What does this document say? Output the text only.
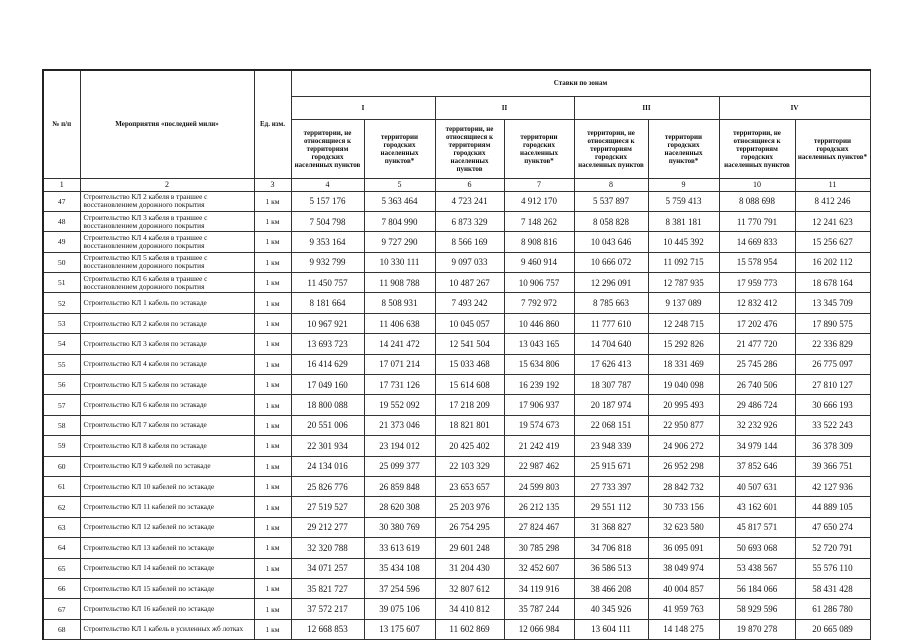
№ п/п	Мероприятия «последней мили»	Ед. изм.	Ставки по зонам							
			I		II		III		IV	
			территории, не относящиеся к территориям городских населенных пунктов	территории городских населенных пунктов*	территории, не относящиеся к территориям городских населенных пунктов	территории городских населенных пунктов*	территории, не относящиеся к территориям городских населенных пунктов	территории городских населенных пунктов*	территории, не относящиеся к территориям городских населенных пунктов	территории городских населенных пунктов*
1	2	3	4	5	6	7	8	9	10	11
47	Строительство КЛ 2 кабеля в траншее с восстановлением дорожного покрытия	1 км	5 157 176	5 363 464	4 723 241	4 912 170	5 537 897	5 759 413	8 088 698	8 412 246
48	Строительство КЛ 3 кабеля в траншее с восстановлением дорожного покрытия	1 км	7 504 798	7 804 990	6 873 329	7 148 262	8 058 828	8 381 181	11 770 791	12 241 623
49	Строительство КЛ 4 кабеля в траншее с восстановлением дорожного покрытия	1 км	9 353 164	9 727 290	8 566 169	8 908 816	10 043 646	10 445 392	14 669 833	15 256 627
50	Строительство КЛ 5 кабеля в траншее с восстановлением дорожного покрытия	1 км	9 932 799	10 330 111	9 097 033	9 460 914	10 666 072	11 092 715	15 578 954	16 202 112
51	Строительство КЛ 6 кабеля в траншее с восстановлением дорожного покрытия	1 км	11 450 757	11 908 788	10 487 267	10 906 757	12 296 091	12 787 935	17 959 773	18 678 164
52	Строительство КЛ 1 кабель по эстакаде	1 км	8 181 664	8 508 931	7 493 242	7 792 972	8 785 663	9 137 089	12 832 412	13 345 709
53	Строительство КЛ 2 кабеля по эстакаде	1 км	10 967 921	11 406 638	10 045 057	10 446 860	11 777 610	12 248 715	17 202 476	17 890 575
54	Строительство КЛ 3 кабеля по эстакаде	1 км	13 693 723	14 241 472	12 541 504	13 043 165	14 704 640	15 292 826	21 477 720	22 336 829
55	Строительство КЛ 4 кабеля по эстакаде	1 км	16 414 629	17 071 214	15 033 468	15 634 806	17 626 413	18 331 469	25 745 286	26 775 097
56	Строительство КЛ 5 кабеля по эстакаде	1 км	17 049 160	17 731 126	15 614 608	16 239 192	18 307 787	19 040 098	26 740 506	27 810 127
57	Строительство КЛ 6 кабеля по эстакаде	1 км	18 800 088	19 552 092	17 218 209	17 906 937	20 187 974	20 995 493	29 486 724	30 666 193
58	Строительство КЛ 7 кабеля по эстакаде	1 км	20 551 006	21 373 046	18 821 801	19 574 673	22 068 151	22 950 877	32 232 926	33 522 243
59	Строительство КЛ 8 кабеля по эстакаде	1 км	22 301 934	23 194 012	20 425 402	21 242 419	23 948 339	24 906 272	34 979 144	36 378 309
60	Строительство КЛ 9 кабелей по эстакаде	1 км	24 134 016	25 099 377	22 103 329	22 987 462	25 915 671	26 952 298	37 852 646	39 366 751
61	Строительство КЛ 10 кабелей по эстакаде	1 км	25 826 776	26 859 848	23 653 657	24 599 803	27 733 397	28 842 732	40 507 631	42 127 936
62	Строительство КЛ 11 кабелей по эстакаде	1 км	27 519 527	28 620 308	25 203 976	26 212 135	29 551 112	30 733 156	43 162 601	44 889 105
63	Строительство КЛ 12 кабелей по эстакаде	1 км	29 212 277	30 380 769	26 754 295	27 824 467	31 368 827	32 623 580	45 817 571	47 650 274
64	Строительство КЛ 13 кабелей по эстакаде	1 км	32 320 788	33 613 619	29 601 248	30 785 298	34 706 818	36 095 091	50 693 068	52 720 791
65	Строительство КЛ 14 кабелей по эстакаде	1 км	34 071 257	35 434 108	31 204 430	32 452 607	36 586 513	38 049 974	53 438 567	55 576 110
66	Строительство КЛ 15 кабелей по эстакаде	1 км	35 821 727	37 254 596	32 807 612	34 119 916	38 466 208	40 004 857	56 184 066	58 431 428
67	Строительство КЛ 16 кабелей по эстакаде	1 км	37 572 217	39 075 106	34 410 812	35 787 244	40 345 926	41 959 763	58 929 596	61 286 780
68	Строительство КЛ 1 кабель в усиленных жб лотках	1 км	12 668 853	13 175 607	11 602 869	12 066 984	13 604 111	14 148 275	19 870 278	20 665 089
